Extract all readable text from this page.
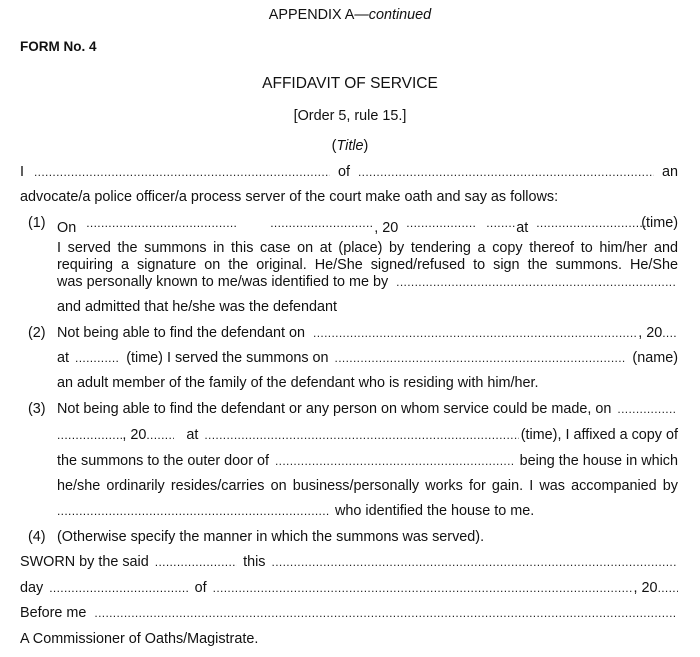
APPENDIX A—continued
FORM No. 4
AFFIDAVIT OF SERVICE
[Order 5, rule 15.]
(Title)
I .....	of .....	an
advocate/a police officer/a process server of the court make oath and say as follows:
(1) On ..... .....	, 20 ..... .....	at .....	(time)
I served the summons in this case on at (place) by tendering a copy thereof to him/her and
requiring a signature on the original. He/She signed/refused to sign the summons. He/She
was personally known to me/was identified to me by
.....
and admitted that he/she was the defendant
(2) Not being able to find the defendant on .....	, 20
.....
at .....	(time) I served the summons on .....	(name)
an adult member of the family of the defendant who is residing with him/her.
(3) Not being able to find the defendant or any person on whom service could be made, on
.....
.....
, 20 .....	at .....	(time), I affixed a copy of
the summons to the outer door of .....	being the house in which
he/she ordinarily resides/carries on business/personally works for gain. I was accompanied by
.....
who identified the house to me.
(4) (Otherwise specify the manner in which the summons was served).
SWORN by the said .....	this
.....
day .....	of .....	, 20
.....
Before me
.....
A Commissioner of Oaths/Magistrate.
